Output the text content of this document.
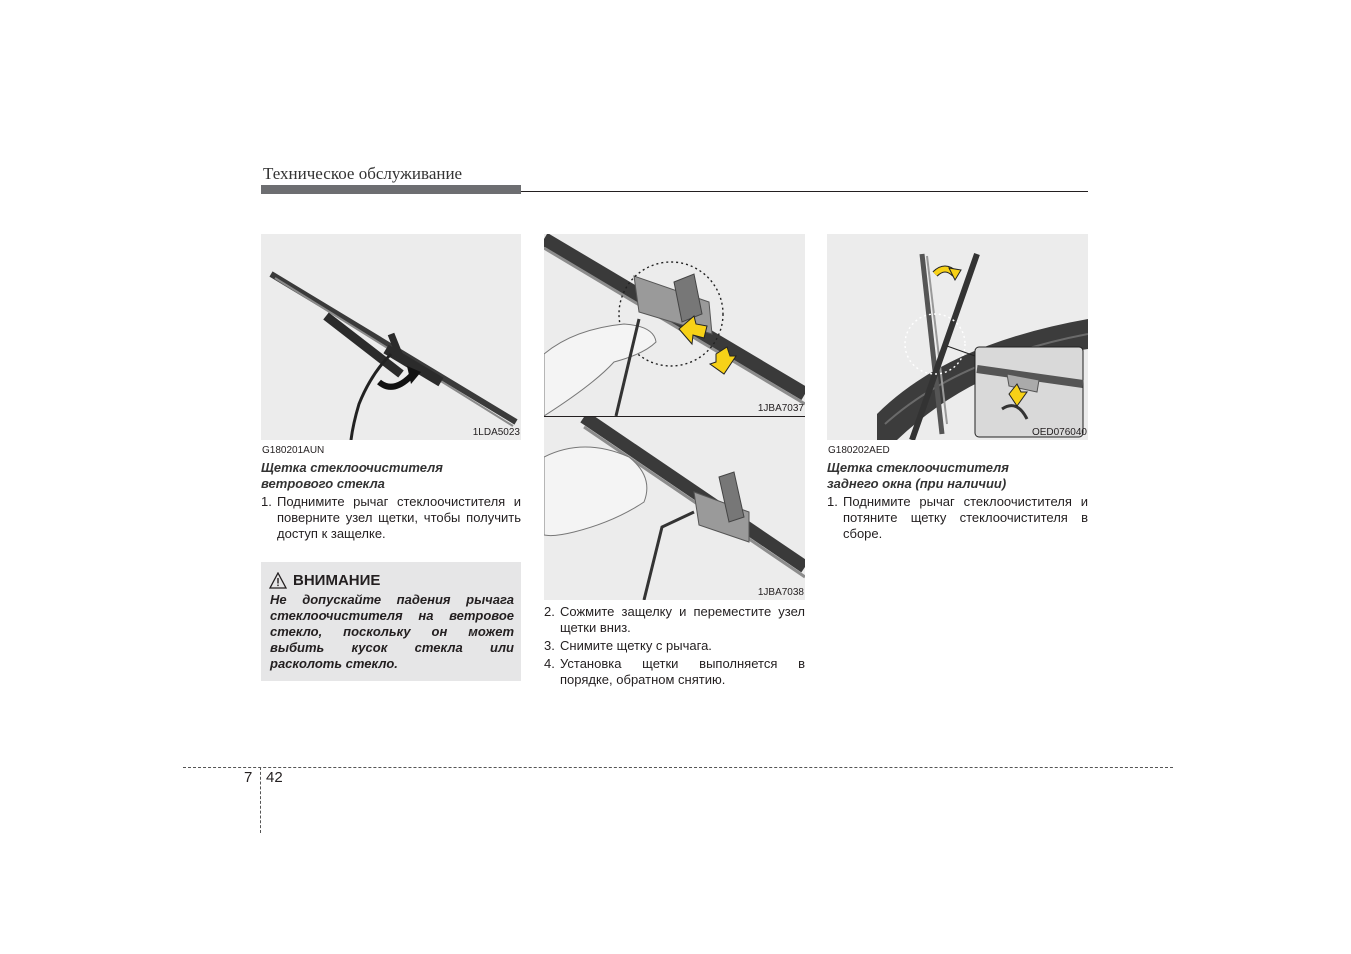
Техническое обслуживание
1LDA5023
G180201AUN
Щетка стеклоочистителя
ветрового стекла
1. Поднимите рычаг стеклоочистителя и поверните узел щетки, чтобы получить доступ к защелке.
ВНИМАНИЕ
Не допускайте падения рычага стеклоочистителя на ветровое стекло, поскольку он может выбить кусок стекла или расколоть стекло.
1JBA7037
1JBA7038
2. Сожмите защелку и переместите узел щетки вниз.
3. Снимите щетку с рычага.
4. Установка щетки выполняется в порядке, обратном снятию.
OED076040
G180202AED
Щетка стеклоочистителя
заднего окна (при наличии)
1. Поднимите рычаг стеклоочистителя и потяните щетку стеклоочистителя в сборе.
7 42
